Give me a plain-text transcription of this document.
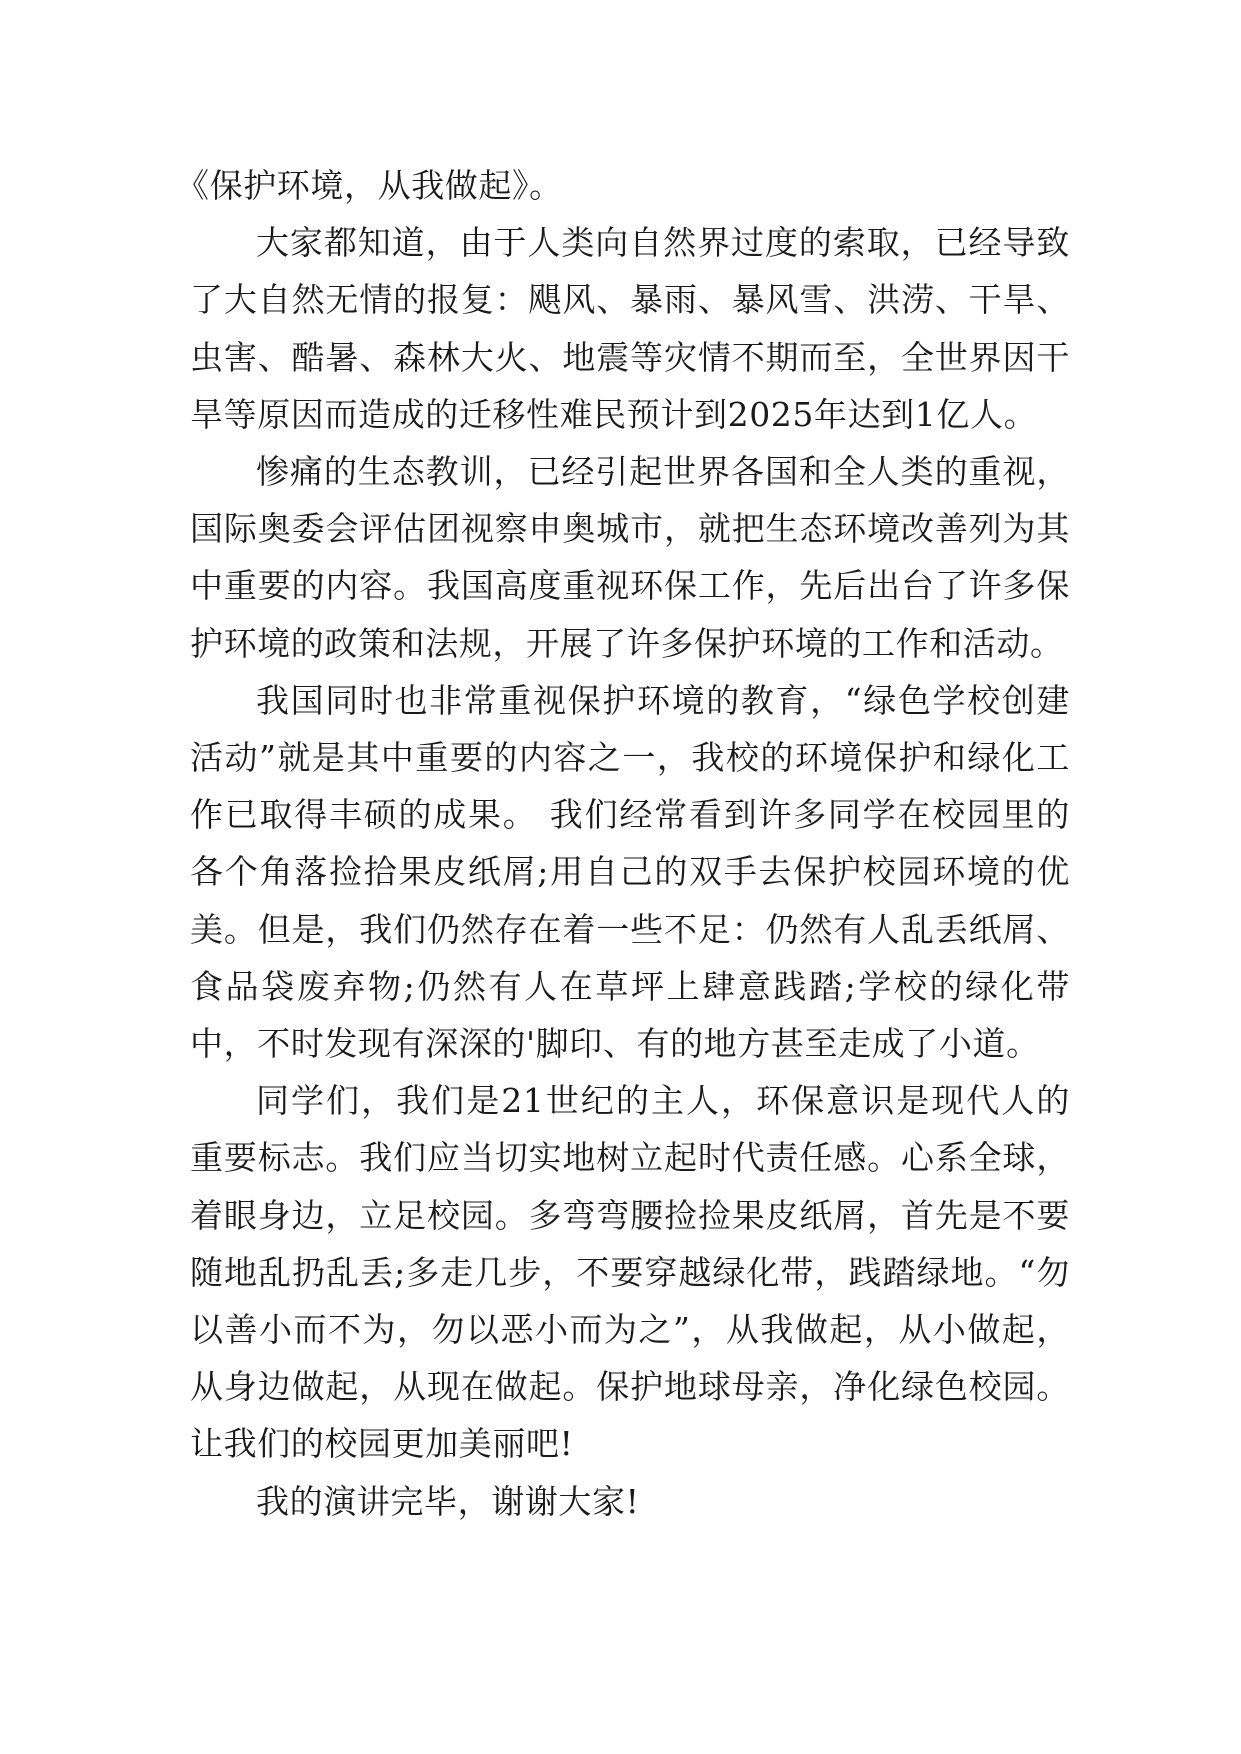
《保护环境，从我做起》。

大家都知道，由于人类向自然界过度的索取，已经导致了大自然无情的报复：飓风、暴雨、暴风雪、洪涝、干旱、虫害、酷暑、森林大火、地震等灾情不期而至，全世界因干旱等原因而造成的迁移性难民预计到2025年达到1亿人。

惨痛的生态教训，已经引起世界各国和全人类的重视，国际奥委会评估团视察申奥城市，就把生态环境改善列为其中重要的内容。我国高度重视环保工作，先后出台了许多保护环境的政策和法规，开展了许多保护环境的工作和活动。

我国同时也非常重视保护环境的教育，“绿色学校创建活动”就是其中重要的内容之一，我校的环境保护和绿化工作已取得丰硕的成果。 我们经常看到许多同学在校园里的各个角落捡拾果皮纸屑;用自己的双手去保护校园环境的优美。但是，我们仍然存在着一些不足：仍然有人乱丢纸屑、食品袋废弃物;仍然有人在草坪上肆意践踏;学校的绿化带中，不时发现有深深的'脚印、有的地方甚至走成了小道。

同学们，我们是21世纪的主人，环保意识是现代人的重要标志。我们应当切实地树立起时代责任感。心系全球，着眼身边，立足校园。多弯弯腰捡捡果皮纸屑，首先是不要随地乱扔乱丢;多走几步，不要穿越绿化带，践踏绿地。“勿以善小而不为，勿以恶小而为之”，从我做起，从小做起，从身边做起，从现在做起。保护地球母亲，净化绿色校园。让我们的校园更加美丽吧!

我的演讲完毕，谢谢大家!
